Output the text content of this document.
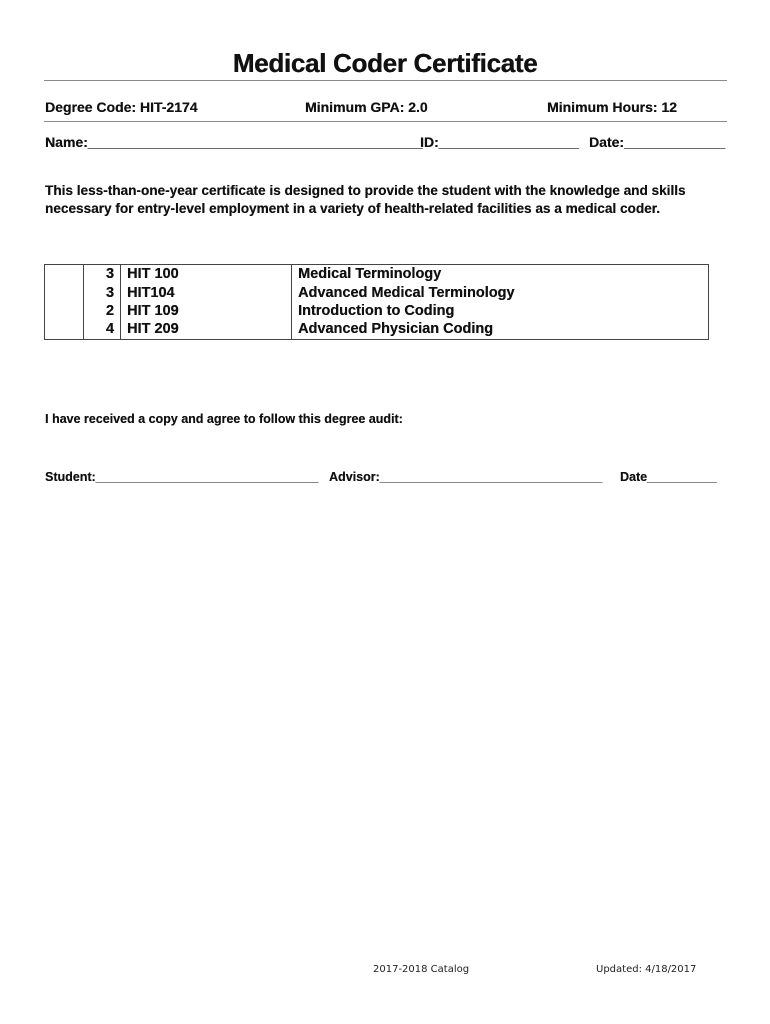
Medical Coder Certificate
Degree Code: HIT-2174	Minimum GPA: 2.0	Minimum Hours: 12
Name:___________________________________________
ID:__________________ Date:_____________

This less-than-one-year certificate is designed to provide the student with the knowledge and skills

necessary for entry-level employment in a variety of health-related facilities as a medical coder.

	3	HIT 100	Medical Terminology
	3	HIT104	Advanced Medical Terminology
	2	HIT 109	Introduction to Coding
	4	HIT 209	Advanced Physician Coding
I have received a copy and agree to follow this degree audit:
Student:________________________________ Advisor:________________________________ Date__________
2017-2018 Catalog	Updated: 4/18/2017
